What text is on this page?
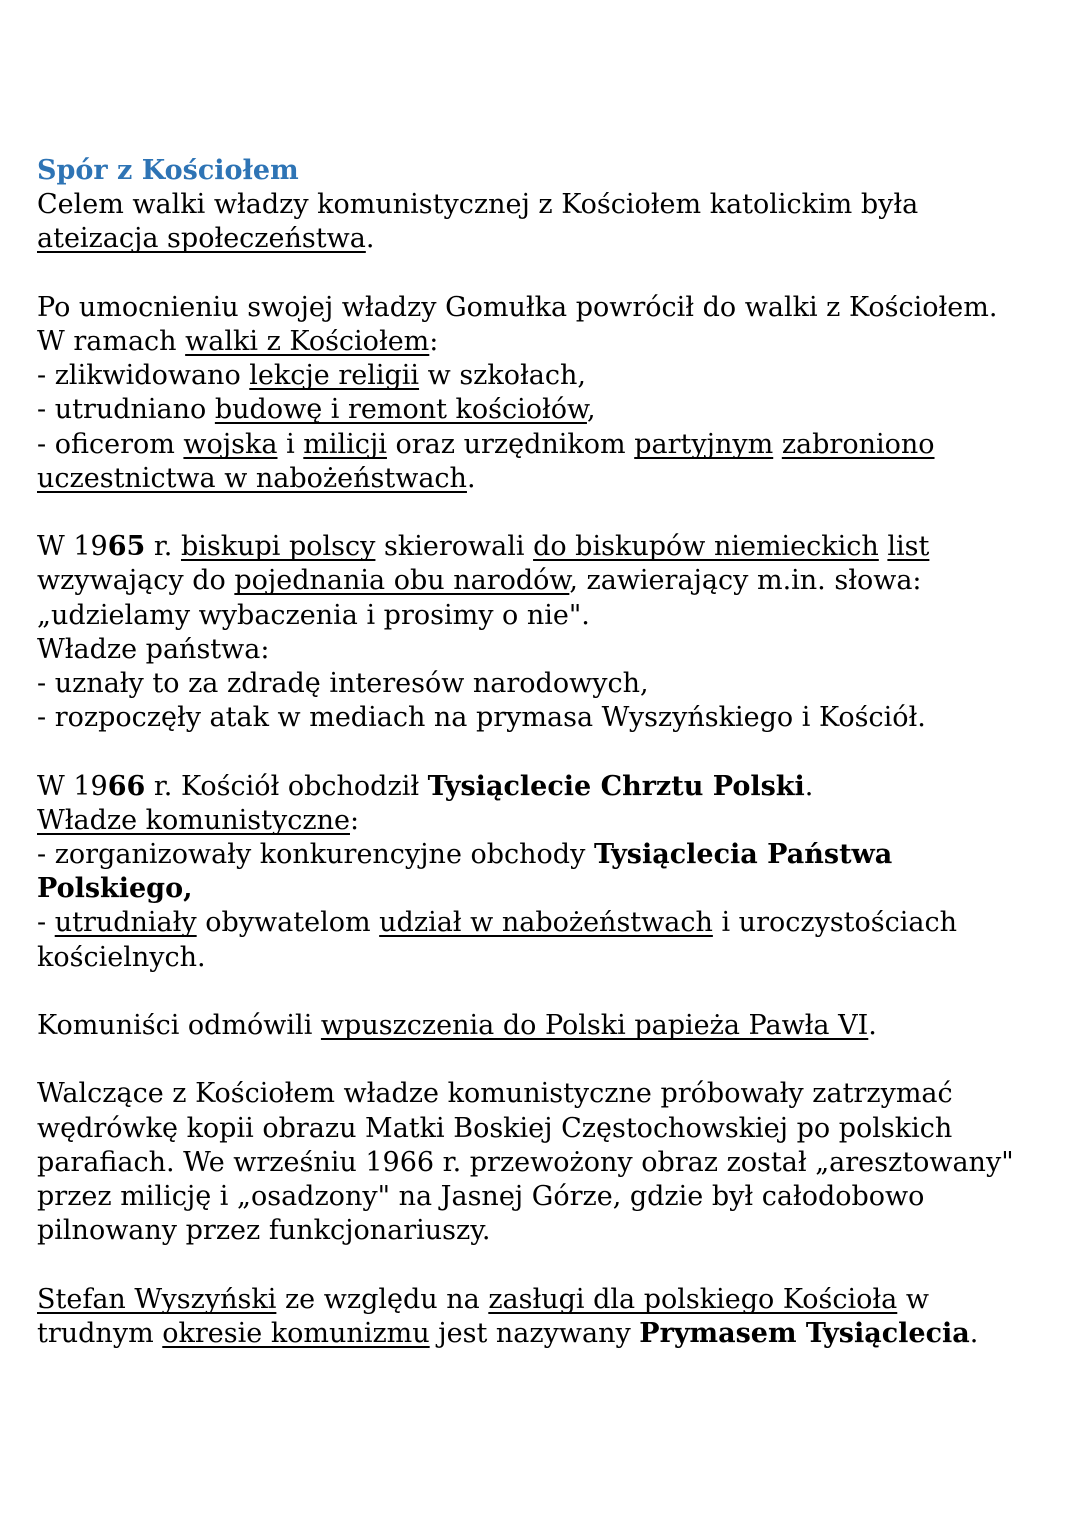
Spór z Kościołem
Celem walki władzy komunistycznej z Kościołem katolickim była
ateizacja społeczeństwa.
Po umocnieniu swojej władzy Gomułka powrócił do walki z Kościołem.
W ramach walki z Kościołem:
- zlikwidowano lekcje religii w szkołach,
- utrudniano budowę i remont kościołów,
- oficerom wojska i milicji oraz urzędnikom partyjnym zabroniono
uczestnictwa w nabożeństwach.
W 1965 r. biskupi polscy skierowali do biskupów niemieckich list
wzywający do pojednania obu narodów, zawierający m.in. słowa:
„udzielamy wybaczenia i prosimy o nie".
Władze państwa:
- uznały to za zdradę interesów narodowych,
- rozpoczęły atak w mediach na prymasa Wyszyńskiego i Kościół.
W 1966 r. Kościół obchodził Tysiąclecie Chrztu Polski.
Władze komunistyczne:
- zorganizowały konkurencyjne obchody Tysiąclecia Państwa
Polskiego,
- utrudniały obywatelom udział w nabożeństwach i uroczystościach
kościelnych.
Komuniści odmówili wpuszczenia do Polski papieża Pawła VI.
Walczące z Kościołem władze komunistyczne próbowały zatrzymać
wędrówkę kopii obrazu Matki Boskiej Częstochowskiej po polskich
parafiach. We wrześniu 1966 r. przewożony obraz został „aresztowany"
przez milicję i „osadzony" na Jasnej Górze, gdzie był całodobowo
pilnowany przez funkcjonariuszy.
Stefan Wyszyński ze względu na zasługi dla polskiego Kościoła w
trudnym okresie komunizmu jest nazywany Prymasem Tysiąclecia.
